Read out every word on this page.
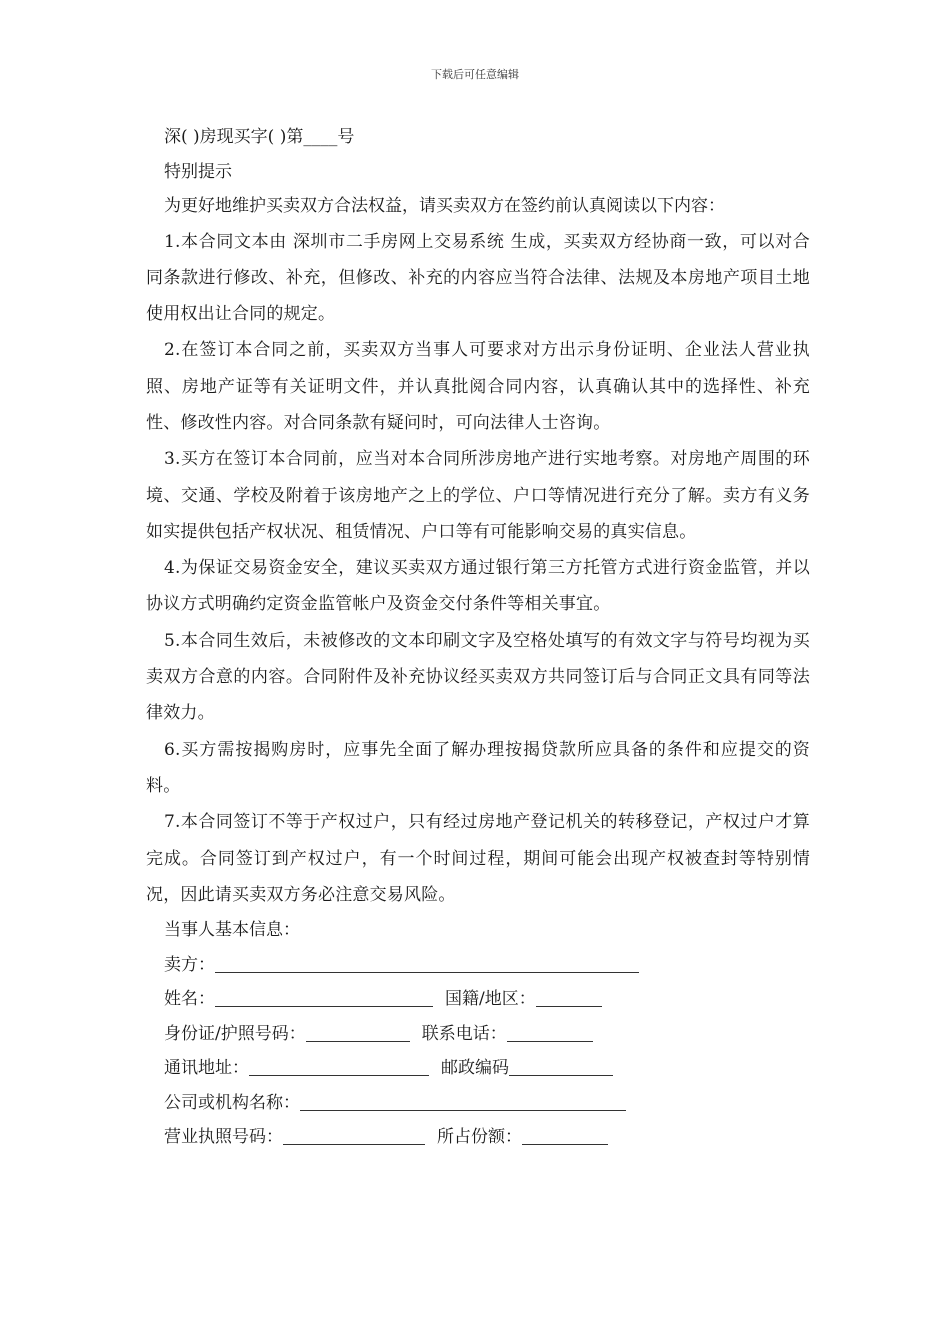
下载后可任意编辑
深( )房现买字( )第____号
特别提示
为更好地维护买卖双方合法权益，请买卖双方在签约前认真阅读以下内容：
1.本合同文本由 深圳市二手房网上交易系统 生成，买卖双方经协商一致，可以对合同条款进行修改、补充，但修改、补充的内容应当符合法律、法规及本房地产项目土地使用权出让合同的规定。
2.在签订本合同之前，买卖双方当事人可要求对方出示身份证明、企业法人营业执照、房地产证等有关证明文件，并认真批阅合同内容，认真确认其中的选择性、补充性、修改性内容。对合同条款有疑问时，可向法律人士咨询。
3.买方在签订本合同前，应当对本合同所涉房地产进行实地考察。对房地产周围的环境、交通、学校及附着于该房地产之上的学位、户口等情况进行充分了解。卖方有义务如实提供包括产权状况、租赁情况、户口等有可能影响交易的真实信息。
4.为保证交易资金安全，建议买卖双方通过银行第三方托管方式进行资金监管，并以协议方式明确约定资金监管帐户及资金交付条件等相关事宜。
5.本合同生效后，未被修改的文本印刷文字及空格处填写的有效文字与符号均视为买卖双方合意的内容。合同附件及补充协议经买卖双方共同签订后与合同正文具有同等法律效力。
6.买方需按揭购房时，应事先全面了解办理按揭贷款所应具备的条件和应提交的资料。
7.本合同签订不等于产权过户，只有经过房地产登记机关的转移登记，产权过户才算完成。合同签订到产权过户，有一个时间过程，期间可能会出现产权被查封等特别情况，因此请买卖双方务必注意交易风险。
当事人基本信息：
卖方：
姓名：	国籍/地区：
身份证/护照号码：	联系电话：
通讯地址：	邮政编码
公司或机构名称：
营业执照号码：	所占份额：
